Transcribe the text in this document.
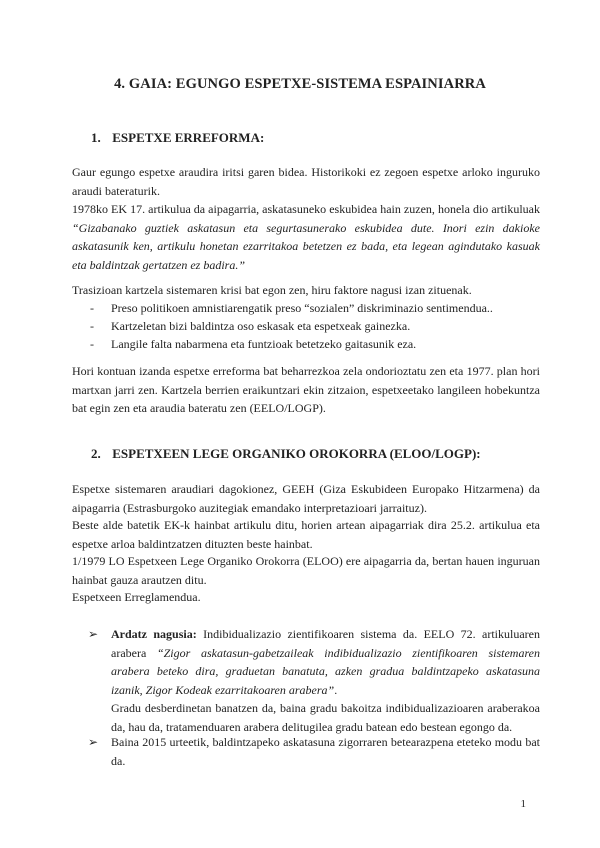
4. GAIA: EGUNGO ESPETXE-SISTEMA ESPAINIARRA
1. ESPETXE ERREFORMA:

Gaur egungo espetxe araudira iritsi garen bidea. Historikoki ez zegoen espetxe arloko inguruko araudi bateraturik.

1978ko EK 17. artikulua da aipagarria, askatasuneko eskubidea hain zuzen, honela dio artikuluak “Gizabanako guztiek askatasun eta segurtasunerako eskubidea dute. Inori ezin dakioke askatasunik ken, artikulu honetan ezarritakoa betetzen ez bada, eta legean agindutako kasuak eta baldintzak gertatzen ez badira.”

Trasizioan kartzela sistemaren krisi bat egon zen, hiru faktore nagusi izan zituenak.

- Preso politikoen amnistiarengatik preso “sozialen” diskriminazio sentimendua..
- Kartzeletan bizi baldintza oso eskasak eta espetxeak gainezka.
- Langile falta nabarmena eta funtzioak betetzeko gaitasunik eza.

Hori kontuan izanda espetxe erreforma bat beharrezkoa zela ondorioztatu zen eta 1977. plan hori martxan jarri zen. Kartzela berrien eraikuntzari ekin zitzaion, espetxeetako langileen hobekuntza bat egin zen eta araudia bateratu zen (EELO/LOGP).

2. ESPETXEEN LEGE ORGANIKO OROKORRA (ELOO/LOGP):

Espetxe sistemaren araudiari dagokionez, GEEH (Giza Eskubideen Europako Hitzarmena) da aipagarria (Estrasburgoko auzitegiak emandako interpretazioari jarraituz).

Beste alde batetik EK-k hainbat artikulu ditu, horien artean aipagarriak dira 25.2. artikulua eta espetxe arloa baldintzatzen dituzten beste hainbat.

1/1979 LO Espetxeen Lege Organiko Orokorra (ELOO) ere aipagarria da, bertan hauen inguruan hainbat gauza arautzen ditu.

Espetxeen Erreglamendua.

➢ Ardatz nagusia: Indibidualizazio zientifikoaren sistema da. EELO 72. artikuluaren arabera “Zigor askatasun-gabetzaileak indibidualizazio zientifikoaren sistemaren arabera beteko dira, graduetan banatuta, azken gradua baldintzapeko askatasuna izanik, Zigor Kodeak ezarritakoaren arabera”.
Gradu desberdinetan banatzen da, baina gradu bakoitza indibidualizazioaren araberakoa da, hau da, tratamenduaren arabera delitugilea gradu batean edo bestean egongo da.
➢ Baina 2015 urteetik, baldintzapeko askatasuna zigorraren betearazpena eteteko modu bat da.
1
